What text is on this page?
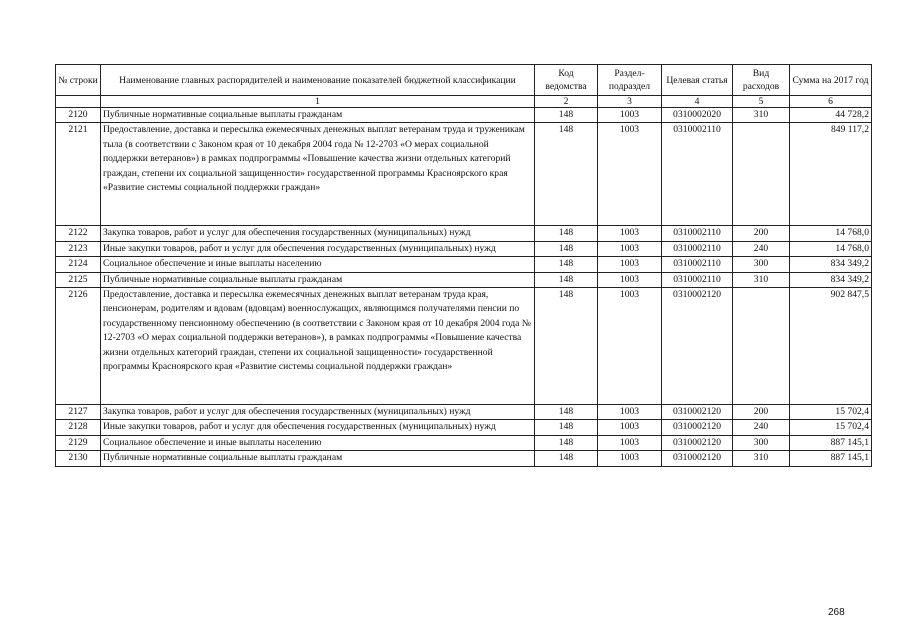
№ строки	Наименование главных распорядителей и наименование показателей бюджетной классификации	Код ведомства	Раздел-подраздел	Целевая статья	Вид расходов	Сумма на 2017 год
	1	2	3	4	5	6
2120	Публичные нормативные социальные выплаты гражданам	148	1003	0310002020	310	44 728,2
2121	Предоставление, доставка и пересылка ежемесячных денежных выплат ветеранам труда и труженикам тыла (в соответствии с Законом края от 10 декабря 2004 года № 12-2703 «О мерах социальной поддержки ветеранов») в рамках подпрограммы «Повышение качества жизни отдельных категорий граждан, степени их социальной защищенности» государственной программы Красноярского края «Развитие системы социальной поддержки граждан»	148	1003	0310002110		849 117,2
2122	Закупка товаров, работ и услуг для обеспечения государственных (муниципальных) нужд	148	1003	0310002110	200	14 768,0
2123	Иные закупки товаров, работ и услуг для обеспечения государственных (муниципальных) нужд	148	1003	0310002110	240	14 768,0
2124	Социальное обеспечение и иные выплаты населению	148	1003	0310002110	300	834 349,2
2125	Публичные нормативные социальные выплаты гражданам	148	1003	0310002110	310	834 349,2
2126	Предоставление, доставка и пересылка ежемесячных денежных выплат ветеранам труда края, пенсионерам, родителям и вдовам (вдовцам) военнослужащих, являющимся получателями пенсии по государственному пенсионному обеспечению (в соответствии с Законом края от 10 декабря 2004 года № 12-2703 «О мерах социальной поддержки ветеранов»), в рамках подпрограммы «Повышение качества жизни отдельных категорий граждан, степени их социальной защищенности» государственной программы Красноярского края «Развитие системы социальной поддержки граждан»	148	1003	0310002120		902 847,5
2127	Закупка товаров, работ и услуг для обеспечения государственных (муниципальных) нужд	148	1003	0310002120	200	15 702,4
2128	Иные закупки товаров, работ и услуг для обеспечения государственных (муниципальных) нужд	148	1003	0310002120	240	15 702,4
2129	Социальное обеспечение и иные выплаты населению	148	1003	0310002120	300	887 145,1
2130	Публичные нормативные социальные выплаты гражданам	148	1003	0310002120	310	887 145,1
268
